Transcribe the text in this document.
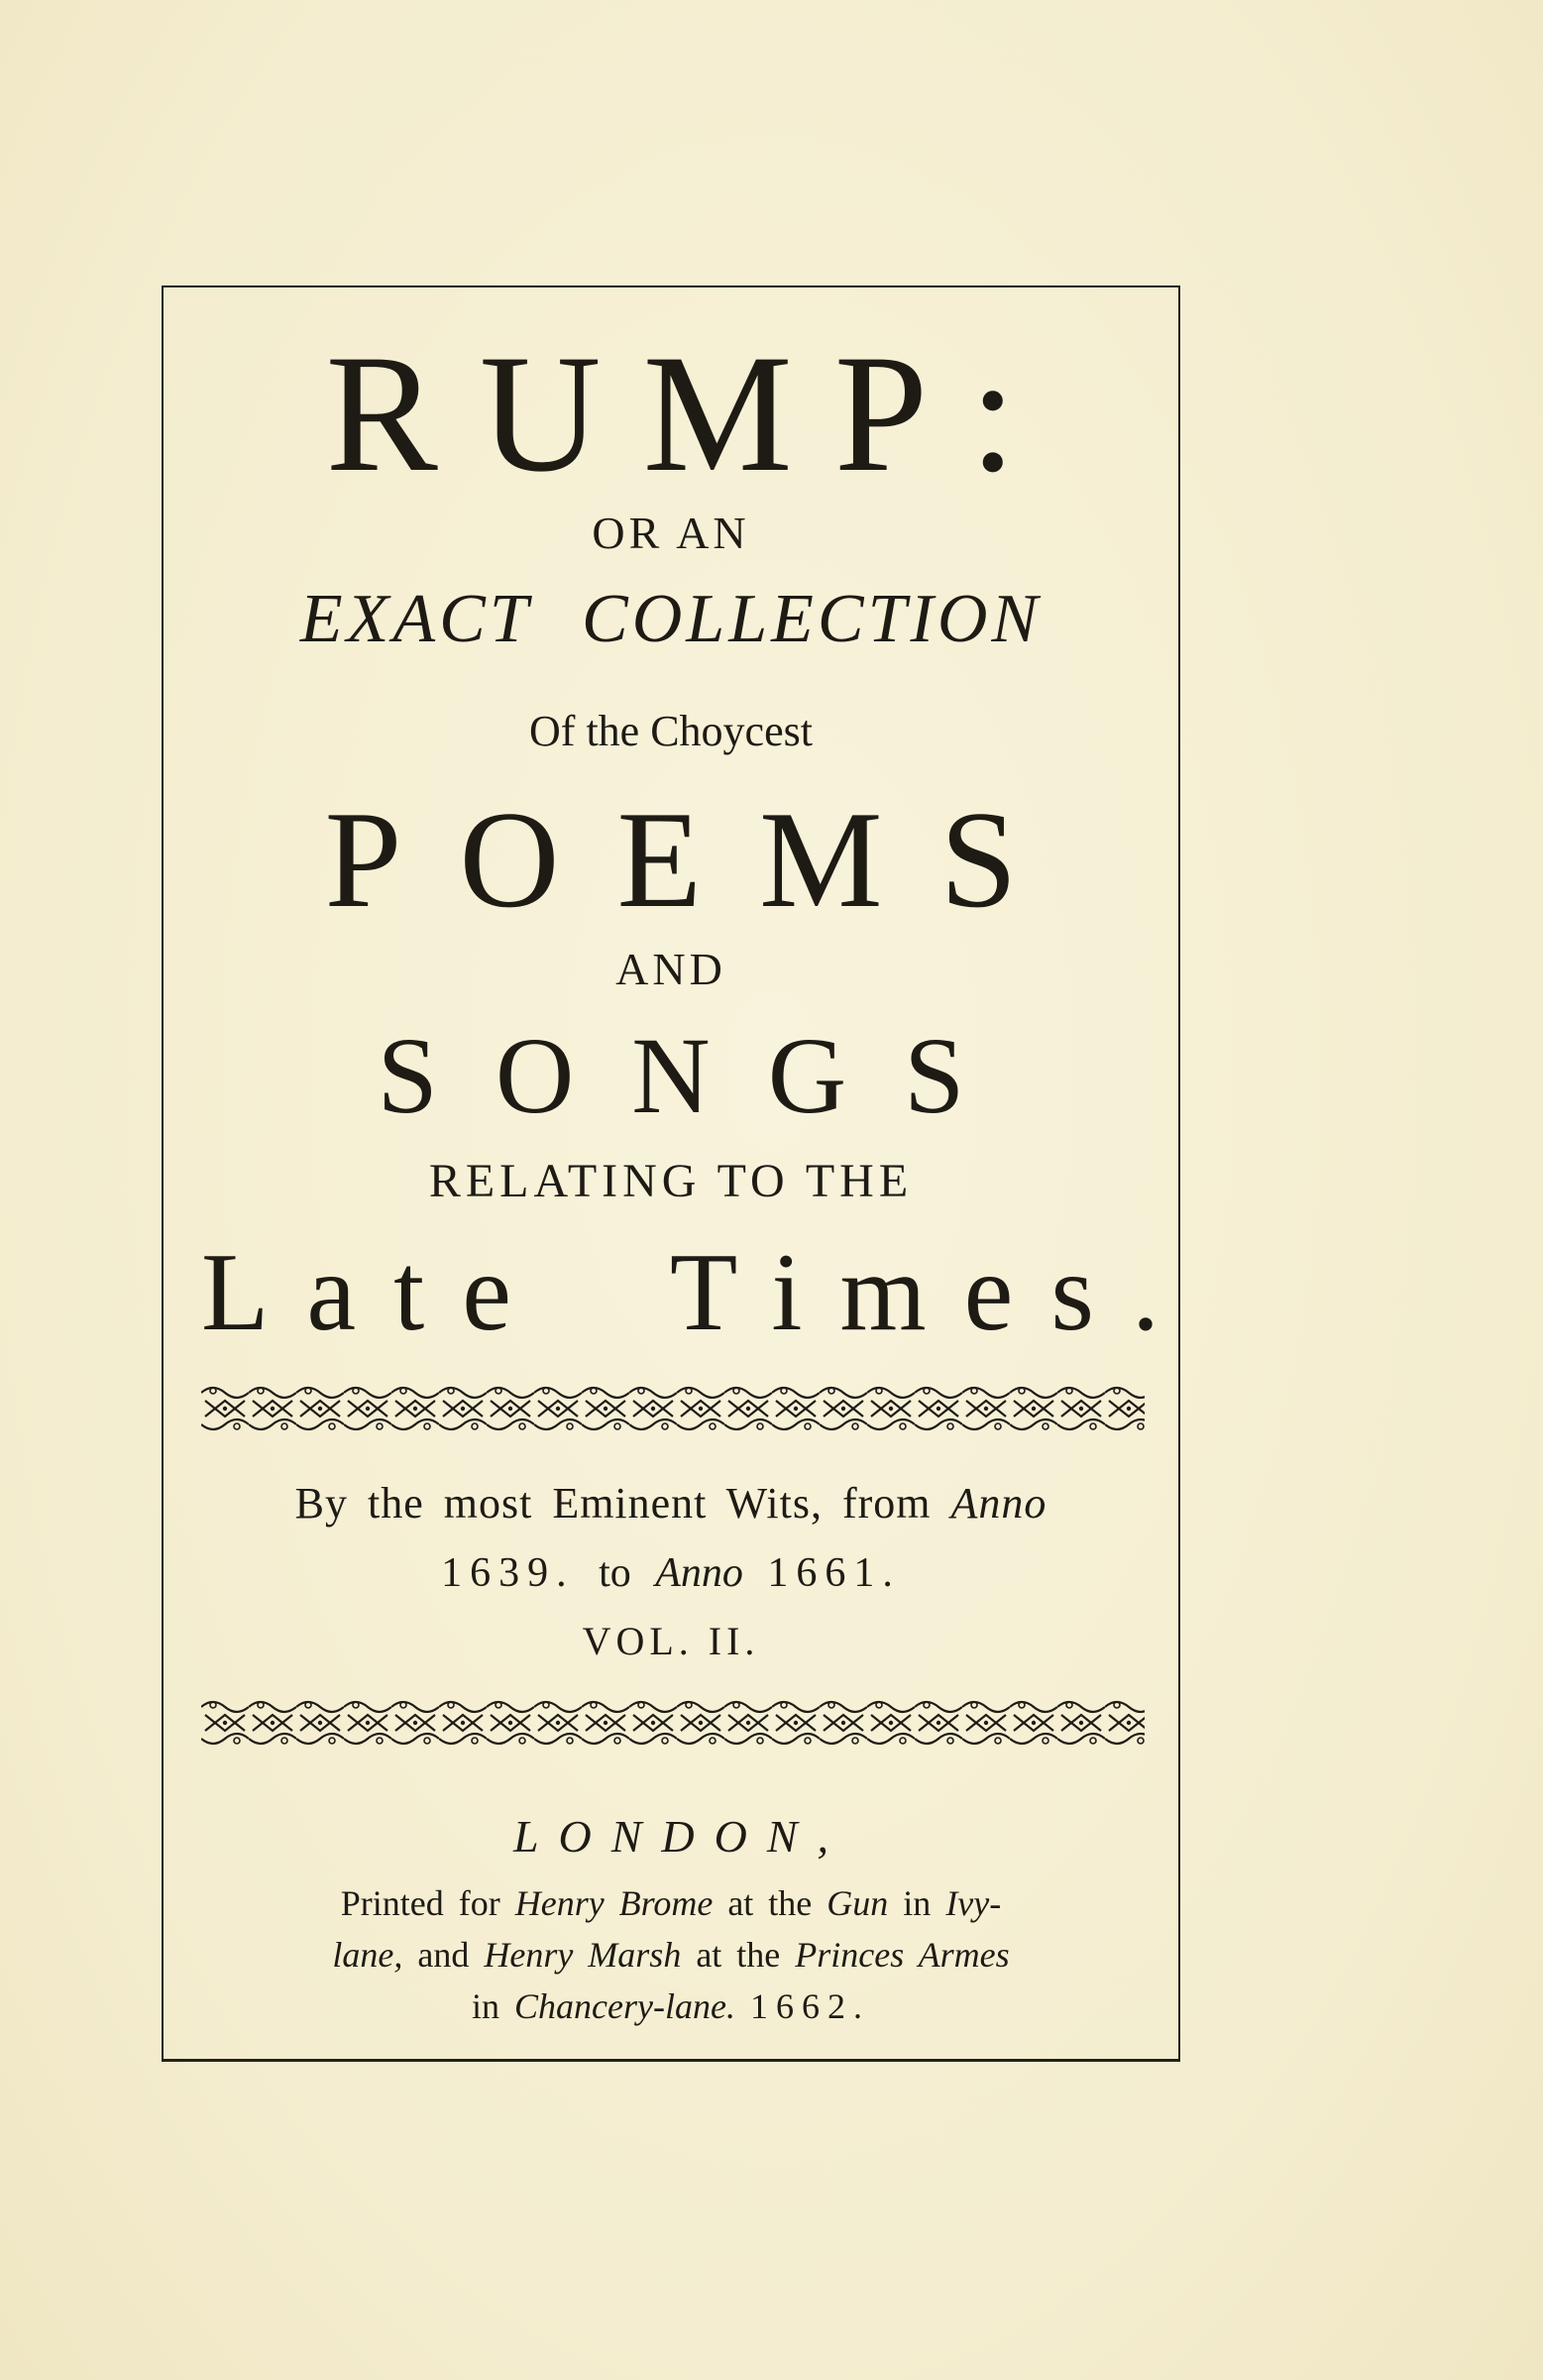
RUMP:
OR AN
EXACT COLLECTION
Of the Choycest
POEMS
AND
SONGS
RELATING TO THE
Late Times.
By the most Eminent Wits, from Anno
1639. to Anno 1661.
VOL. II.
LONDON,
Printed for Henry Brome at the Gun in Ivy-
lane, and Henry Marsh at the Princes Armes
in Chancery-lane. 1662.
